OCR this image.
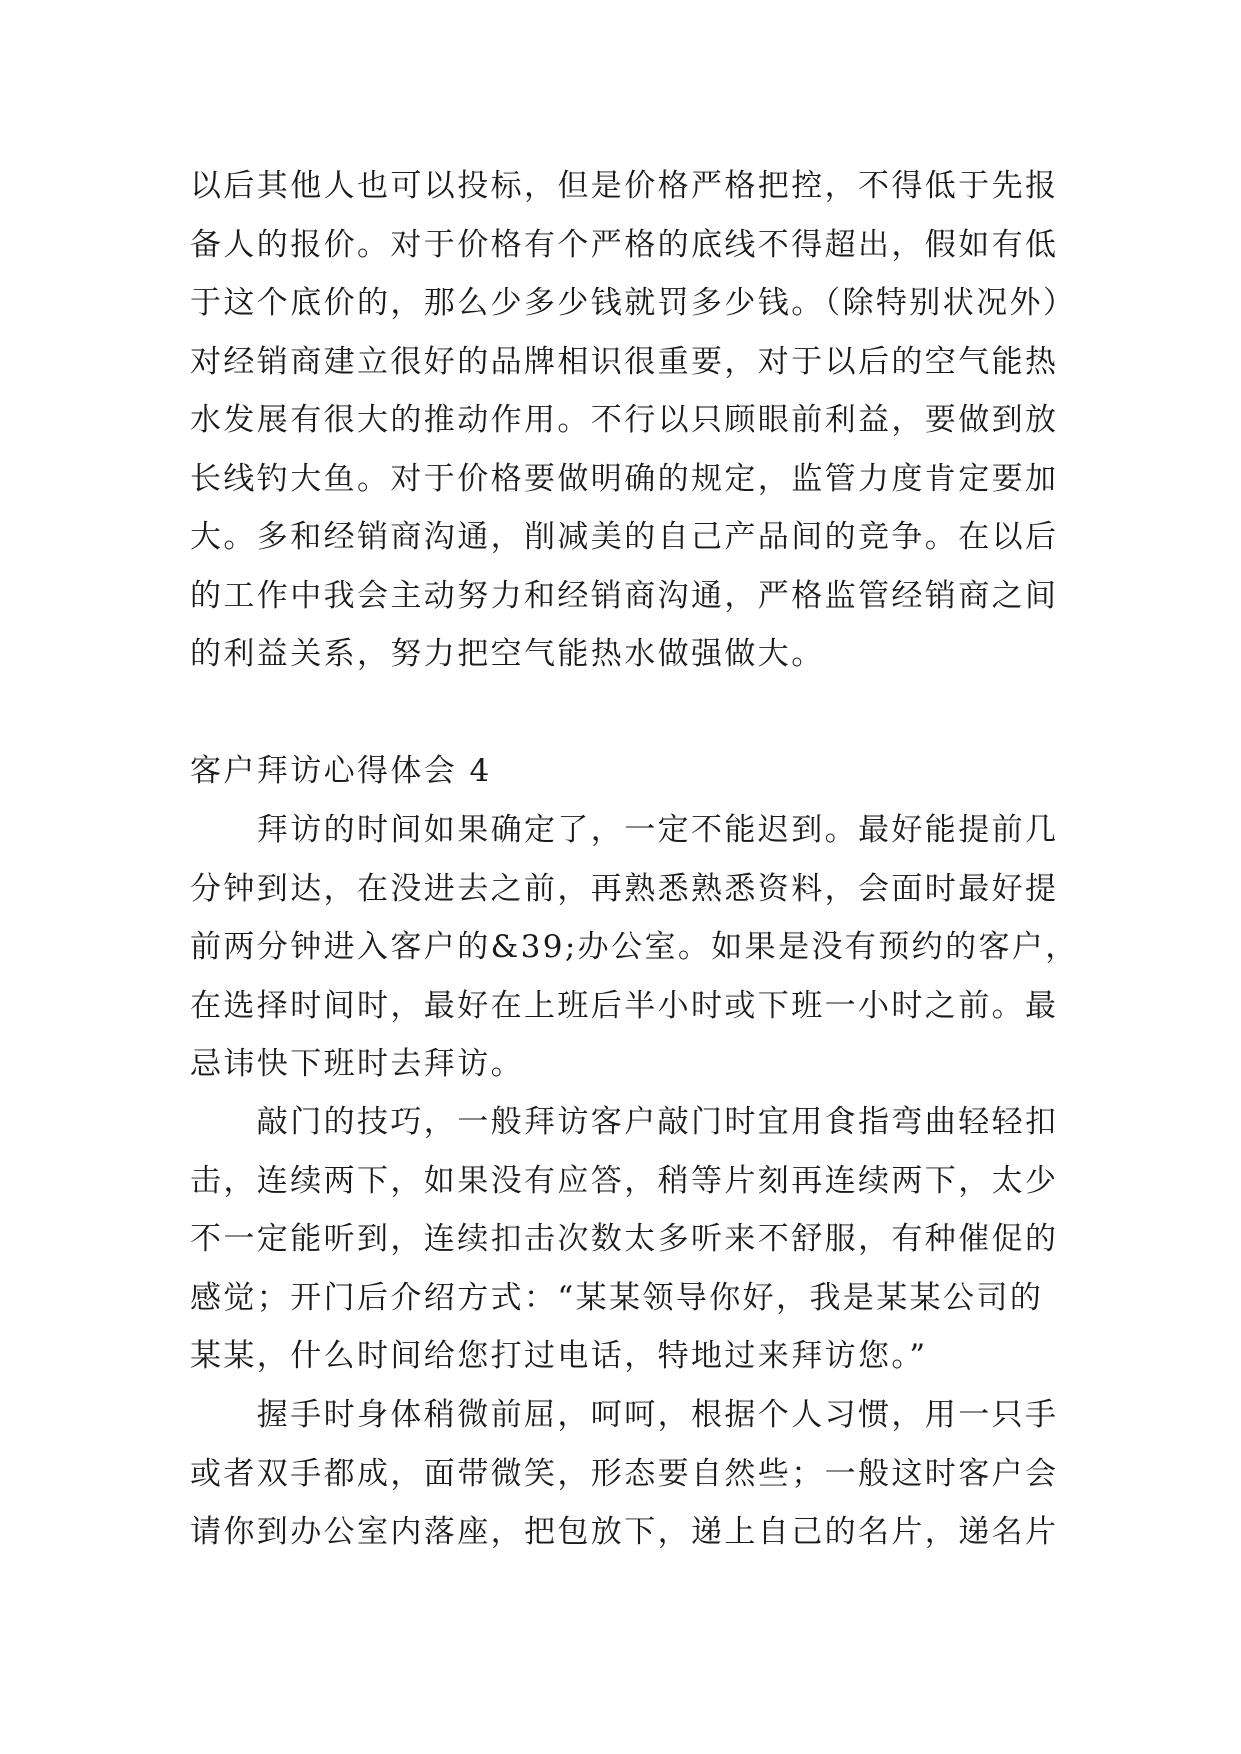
以后其他人也可以投标，但是价格严格把控，不得低于先报
备人的报价。对于价格有个严格的底线不得超出，假如有低
于这个底价的，那么少多少钱就罚多少钱。（除特别状况外）
对经销商建立很好的品牌相识很重要，对于以后的空气能热
水发展有很大的推动作用。不行以只顾眼前利益，要做到放
长线钓大鱼。对于价格要做明确的规定，监管力度肯定要加
大。多和经销商沟通，削减美的自己产品间的竞争。在以后
的工作中我会主动努力和经销商沟通，严格监管经销商之间
的利益关系，努力把空气能热水做强做大。
客户拜访心得体会 4
　　拜访的时间如果确定了，一定不能迟到。最好能提前几
分钟到达，在没进去之前，再熟悉熟悉资料，会面时最好提
前两分钟进入客户的&39;办公室。如果是没有预约的客户，
在选择时间时，最好在上班后半小时或下班一小时之前。最
忌讳快下班时去拜访。
　　敲门的技巧，一般拜访客户敲门时宜用食指弯曲轻轻扣
击，连续两下，如果没有应答，稍等片刻再连续两下，太少
不一定能听到，连续扣击次数太多听来不舒服，有种催促的
感觉；开门后介绍方式：“某某领导你好，我是某某公司的
某某，什么时间给您打过电话，特地过来拜访您。”
　　握手时身体稍微前屈，呵呵，根据个人习惯，用一只手
或者双手都成，面带微笑，形态要自然些；一般这时客户会
请你到办公室内落座，把包放下，递上自己的名片，递名片
